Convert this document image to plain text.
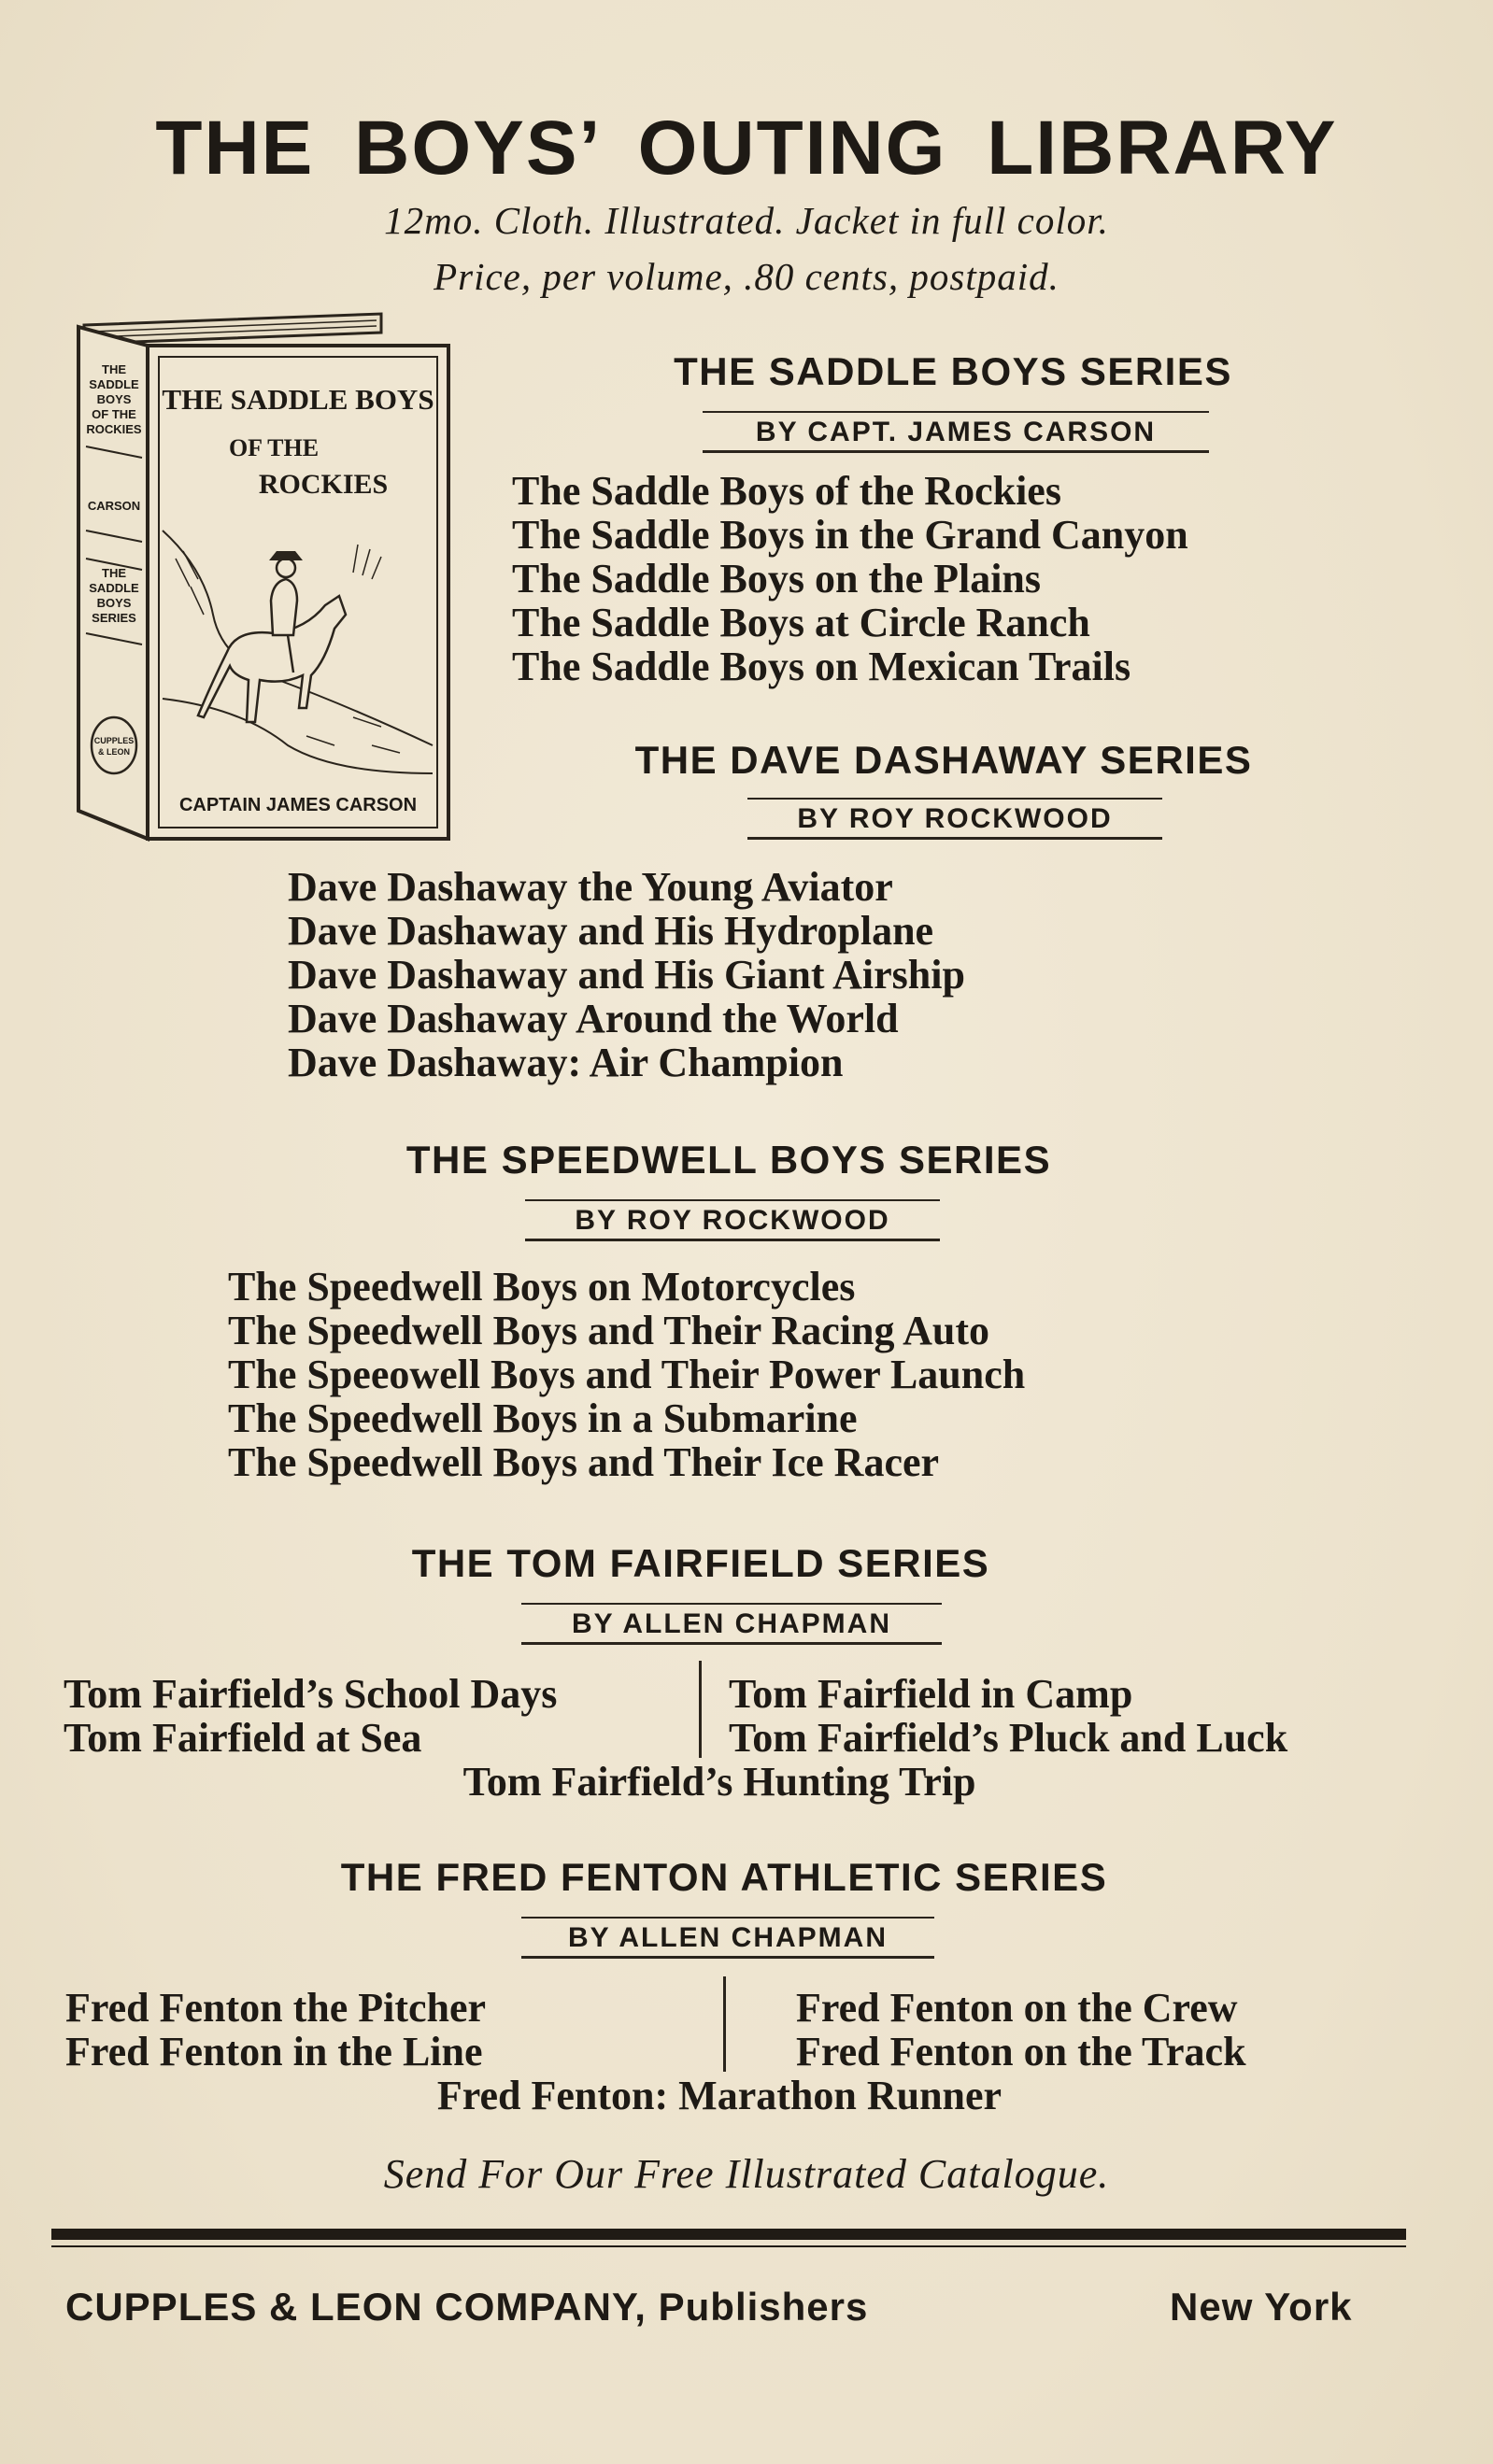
THE BOYS’ OUTING LIBRARY
12mo. Cloth. Illustrated. Jacket in full color.
Price, per volume, .80 cents, postpaid.
THE SADDLE BOYS
OF THE
ROCKIES
THE
SADDLE
BOYS
OF THE
ROCKIES
CARSON
THE
SADDLE
BOYS
SERIES
CUPPLES
& LEON
CAPTAIN JAMES CARSON
THE SADDLE BOYS SERIES
BY CAPT. JAMES CARSON
The Saddle Boys of the Rockies
The Saddle Boys in the Grand Canyon
The Saddle Boys on the Plains
The Saddle Boys at Circle Ranch
The Saddle Boys on Mexican Trails
THE DAVE DASHAWAY SERIES
BY ROY ROCKWOOD
Dave Dashaway the Young Aviator
Dave Dashaway and His Hydroplane
Dave Dashaway and His Giant Airship
Dave Dashaway Around the World
Dave Dashaway: Air Champion
THE SPEEDWELL BOYS SERIES
BY ROY ROCKWOOD
The Speedwell Boys on Motorcycles
The Speedwell Boys and Their Racing Auto
The Speeowell Boys and Their Power Launch
The Speedwell Boys in a Submarine
The Speedwell Boys and Their Ice Racer
THE TOM FAIRFIELD SERIES
BY ALLEN CHAPMAN
Tom Fairfield’s School Days
Tom Fairfield at Sea
Tom Fairfield in Camp
Tom Fairfield’s Pluck and Luck
Tom Fairfield’s Hunting Trip
THE FRED FENTON ATHLETIC SERIES
BY ALLEN CHAPMAN
Fred Fenton the Pitcher
Fred Fenton in the Line
Fred Fenton on the Crew
Fred Fenton on the Track
Fred Fenton: Marathon Runner
Send For Our Free Illustrated Catalogue.
CUPPLES & LEON COMPANY, Publishers	New York
